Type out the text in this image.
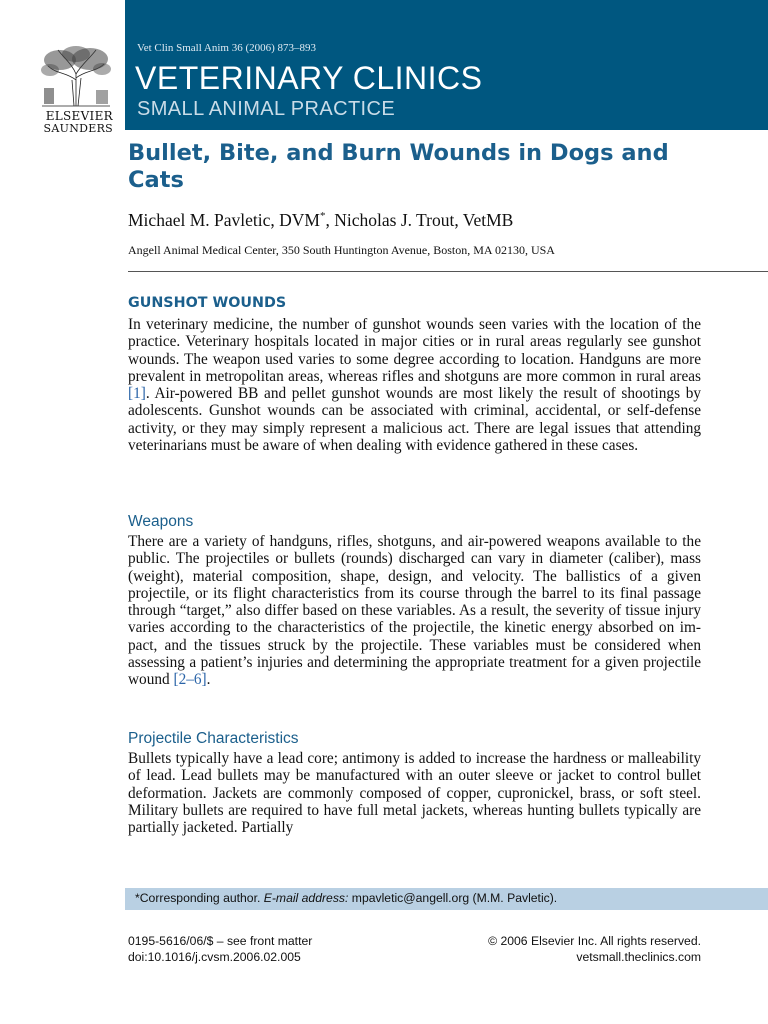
ELSEVIER
SAUNDERS
Vet Clin Small Anim 36 (2006) 873–893
VETERINARY CLINICS
SMALL ANIMAL PRACTICE
Bullet, Bite, and Burn Wounds in Dogs and Cats
Michael M. Pavletic, DVM*, Nicholas J. Trout, VetMB
Angell Animal Medical Center, 350 South Huntington Avenue, Boston, MA 02130, USA
GUNSHOT WOUNDS
In veterinary medicine, the number of gunshot wounds seen varies with the location of the practice. Veterinary hospitals located in major cities or in rural areas regularly see gunshot wounds. The weapon used varies to some degree according to location. Handguns are more prevalent in metropolitan areas, whereas rifles and shotguns are more common in rural areas [1]. Air-powered BB and pellet gunshot wounds are most likely the result of shootings by adolescents. Gunshot wounds can be associated with criminal, accidental, or self-defense activity, or they may simply represent a malicious act. There are legal issues that attending veterinarians must be aware of when dealing with evidence gathered in these cases.
Weapons
There are a variety of handguns, rifles, shotguns, and air-powered weapons available to the public. The projectiles or bullets (rounds) discharged can vary in diameter (caliber), mass (weight), material composition, shape, design, and velocity. The ballistics of a given projectile, or its flight characteristics from its course through the barrel to its final passage through “target,” also differ based on these variables. As a result, the severity of tissue injury varies according to the characteristics of the projectile, the kinetic energy absorbed on impact, and the tissues struck by the projectile. These variables must be considered when assessing a patient’s injuries and determining the appropriate treatment for a given projectile wound [2–6].
Projectile Characteristics
Bullets typically have a lead core; antimony is added to increase the hardness or malleability of lead. Lead bullets may be manufactured with an outer sleeve or jacket to control bullet deformation. Jackets are commonly composed of copper, cupronickel, brass, or soft steel. Military bullets are required to have full metal jackets, whereas hunting bullets typically are partially jacketed. Partially
*Corresponding author. E-mail address: mpavletic@angell.org (M.M. Pavletic).
0195-5616/06/$ – see front matter
doi:10.1016/j.cvsm.2006.02.005
© 2006 Elsevier Inc. All rights reserved.
vetsmall.theclinics.com
